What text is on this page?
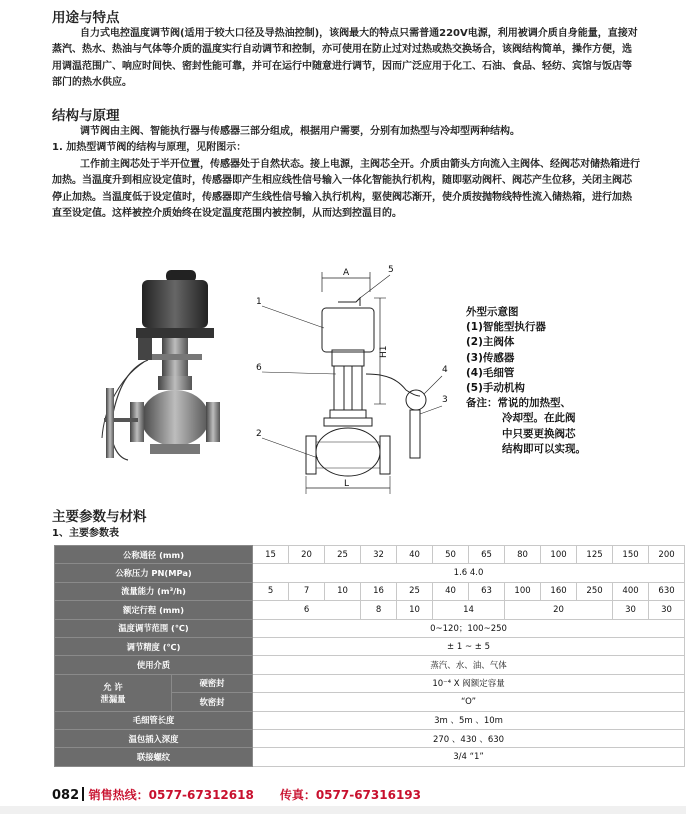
用途与特点

自力式电控温度调节阀(适用于较大口径及导热油控制)，该阀最大的特点只需普通220V电源，利用被调介质自身能量，直接对蒸汽、热水、热油与气体等介质的温度实行自动调节和控制，亦可使用在防止过对过热或热交换场合，该阀结构简单，操作方便，选用调温范围广、响应时间快、密封性能可靠，并可在运行中随意进行调节，因而广泛应用于化工、石油、食品、轻纺、宾馆与饭店等部门的热水供应。

结构与原理

调节阀由主阀、智能执行器与传感器三部分组成，根据用户需要，分别有加热型与冷却型两种结构。

1. 加热型调节阀的结构与原理，见附图示：

工作前主阀芯处于半开位置，传感器处于自然状态。接上电源，主阀芯全开。介质由箭头方向流入主阀体、经阀芯对储热箱进行加热。当温度升到相应设定值时，传感器即产生相应线性信号输入一体化智能执行机构，随即驱动阀杆、阀芯产生位移，关闭主阀芯停止加热。当温度低于设定值时，传感器即产生线性信号输入执行机构，驱使阀芯渐开，使介质按抛物线特性流入储热箱，进行加热直至设定值。这样被控介质始终在设定温度范围内被控制，从而达到控温目的。

A	5
H1
L
1
6
2
4
3
外型示意图
(1)智能型执行器
(2)主阀体
(3)传感器
(4)毛细管
(5)手动机构
备注：常说的加热型、
冷却型。在此阀
中只要更换阀芯
结构即可以实现。
主要参数与材料
1、主要参数表
公称通径 (mm)		15	20	25	32	40	50	65	80	100	125	150	200	
公称压力 PN(MPa)		1.6 4.0												
流量能力 (m³/h)		5	7	10	16	25	40	63	100	160	250	400	630	
额定行程 (mm)		6			8	10	14		20			30	30	
温度调节范围 (℃)		0~120；100~250												
调节精度 (℃)		± 1 ~ ± 5												
使用介质		蒸汽、水、油、气体												
允 许
泄漏量	硬密封	10⁻⁴ X 阀额定容量												
	软密封	“O”												
毛细管长度		3m 、5m 、10m												
温包插入深度		270 、430 、630												
联接螺纹		3/4 “1”												
082 销售热线：0577-67312618 传真：0577-67316193
